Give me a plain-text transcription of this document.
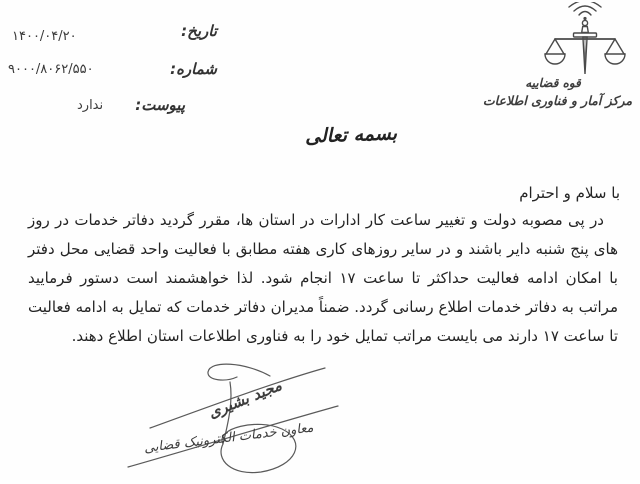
تاریخ:
۱۴۰۰/۰۴/۲۰
شماره:
۹۰۰۰/۸۰۶۲/۵۵۰
پیوست:
ندارد
قوه قضاییه
مرکز آمار و فناوری اطلاعات
بسمه تعالی
با سلام و احترام
در پی مصوبه دولت و تغییر ساعت کار ادارات در استان ها، مقرر گردید دفاتر خدمات در روز های پنج شنبه دایر باشند و در سایر روزهای کاری هفته مطابق با فعالیت واحد قضایی محل دفتر با امکان ادامه فعالیت حداکثر تا ساعت ۱۷ انجام شود. لذا خواهشمند است دستور فرمایید مراتب به دفاتر خدمات اطلاع رسانی گردد. ضمناً مدیران دفاتر خدمات که تمایل به ادامه فعالیت تا ساعت ۱۷ دارند می بایست مراتب تمایل خود را به فناوری اطلاعات استان اطلاع دهند.
مجید بشیری
معاون خدمات الکترونیک قضایی
